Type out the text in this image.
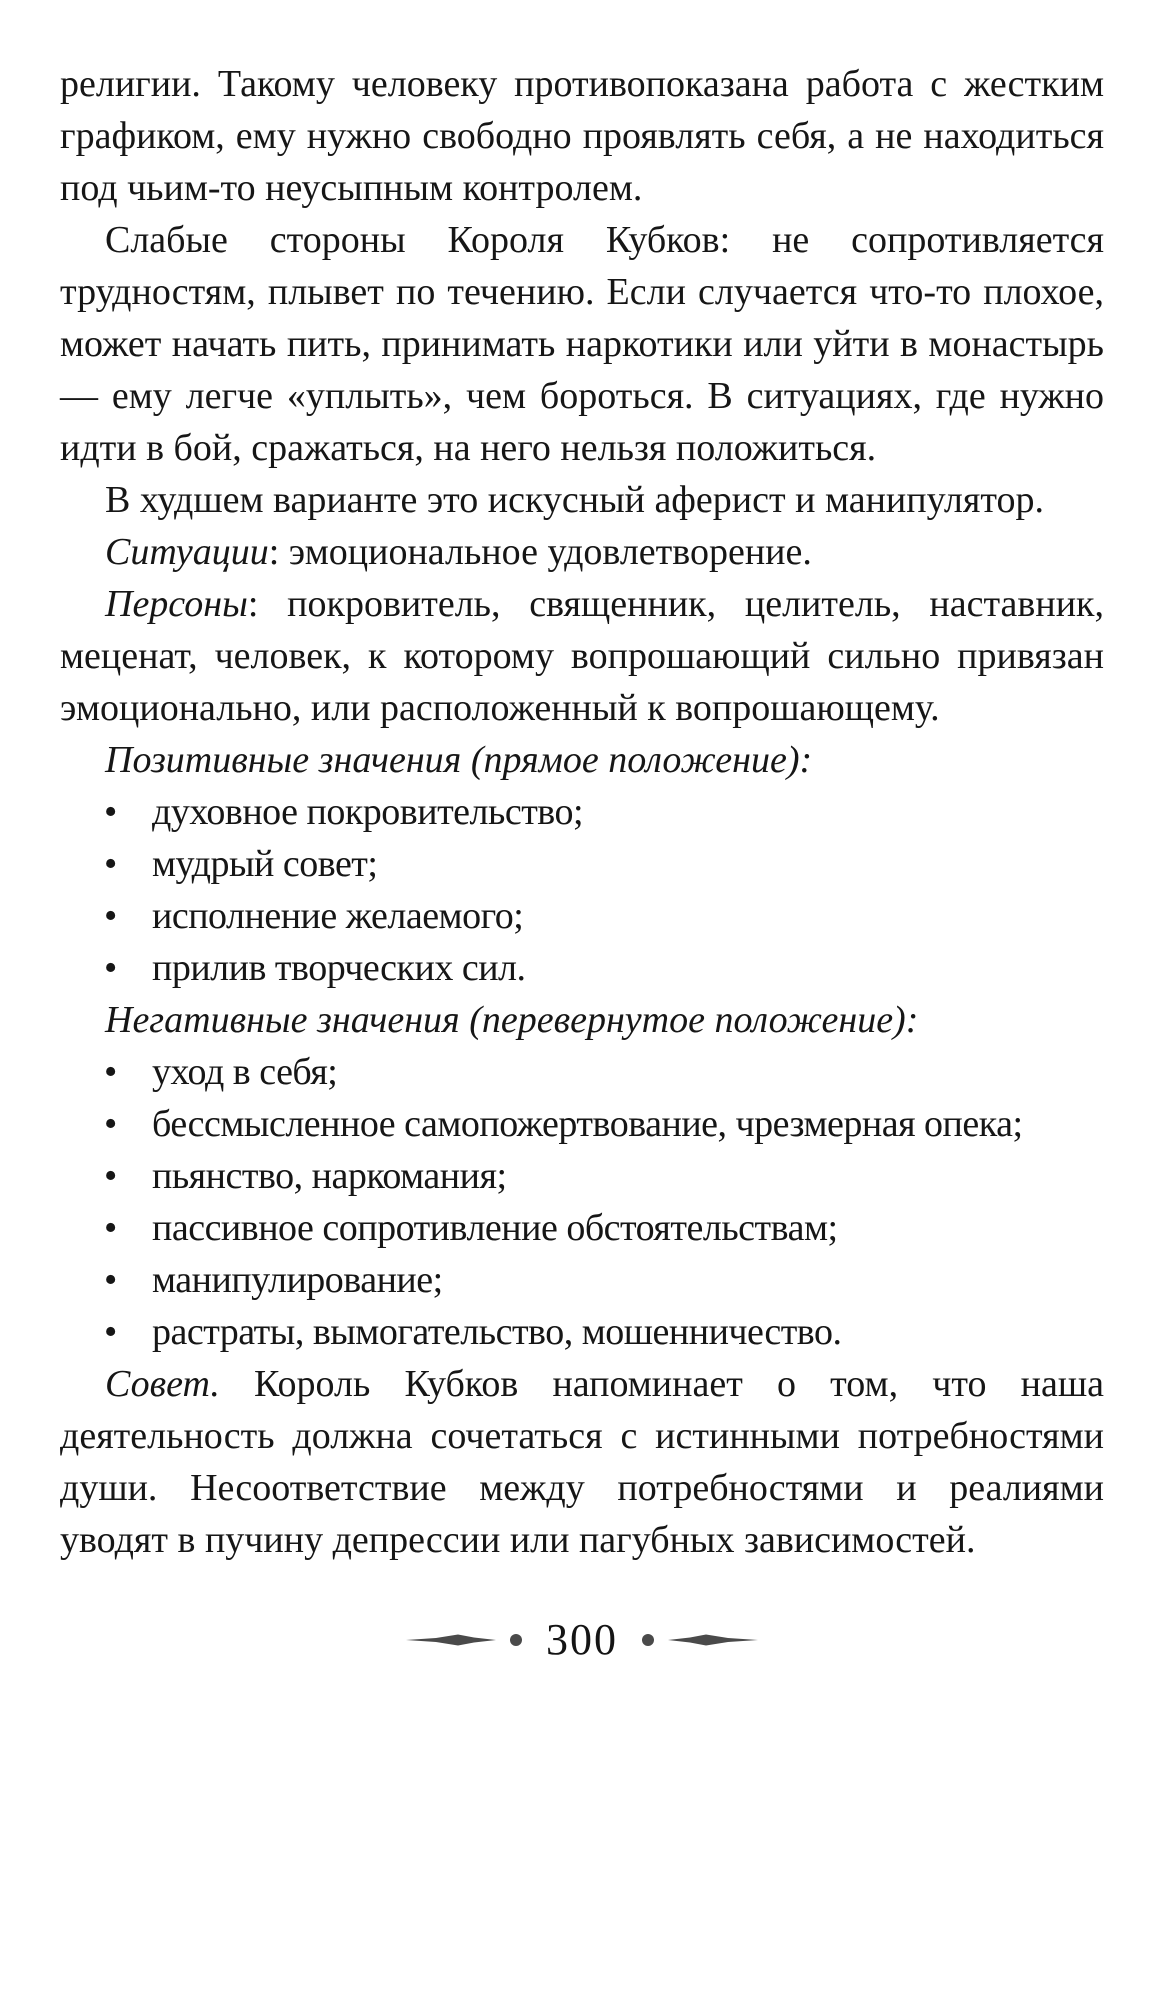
религии. Такому человеку противопоказана работа с жестким графиком, ему нужно свободно проявлять себя, а не находиться под чьим-то неусыпным контролем.

Слабые стороны Короля Кубков: не сопротивляется трудностям, плывет по течению. Если случается что-то плохое, может начать пить, принимать наркотики или уйти в монастырь — ему легче «уплыть», чем бороться. В ситуациях, где нужно идти в бой, сражаться, на него нельзя положиться.

В худшем варианте это искусный аферист и манипулятор.

Ситуации: эмоциональное удовлетворение.

Персоны: покровитель, священник, целитель, наставник, меценат, человек, к которому вопрошающий сильно привязан эмоционально, или расположенный к вопрошающему.

Позитивные значения (прямое положение):

• духовное покровительство;
• мудрый совет;
• исполнение желаемого;
• прилив творческих сил.

Негативные значения (перевернутое положение):

• уход в себя;
• бессмысленное самопожертвование, чрезмерная опека;
• пьянство, наркомания;
• пассивное сопротивление обстоятельствам;
• манипулирование;
• растраты, вымогательство, мошенничество.

Совет. Король Кубков напоминает о том, что наша деятельность должна сочетаться с истинными потребностями души. Несоответствие между потребностями и реалиями уводят в пучину депрессии или пагубных зависимостей.

300
